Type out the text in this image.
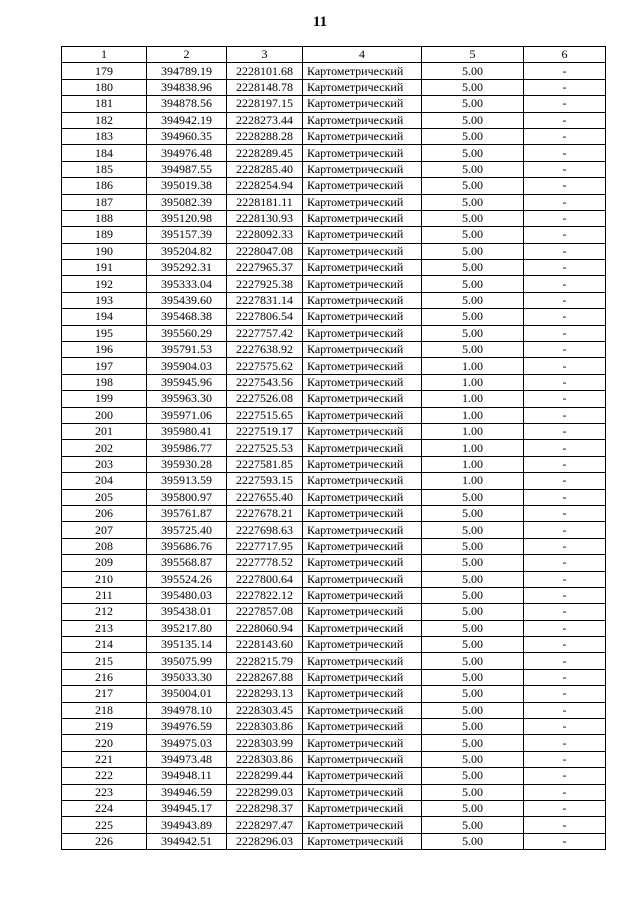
11
1	2	3	4	5	6
179	394789.19	2228101.68	Картометрический	5.00	-
180	394838.96	2228148.78	Картометрический	5.00	-
181	394878.56	2228197.15	Картометрический	5.00	-
182	394942.19	2228273.44	Картометрический	5.00	-
183	394960.35	2228288.28	Картометрический	5.00	-
184	394976.48	2228289.45	Картометрический	5.00	-
185	394987.55	2228285.40	Картометрический	5.00	-
186	395019.38	2228254.94	Картометрический	5.00	-
187	395082.39	2228181.11	Картометрический	5.00	-
188	395120.98	2228130.93	Картометрический	5.00	-
189	395157.39	2228092.33	Картометрический	5.00	-
190	395204.82	2228047.08	Картометрический	5.00	-
191	395292.31	2227965.37	Картометрический	5.00	-
192	395333.04	2227925.38	Картометрический	5.00	-
193	395439.60	2227831.14	Картометрический	5.00	-
194	395468.38	2227806.54	Картометрический	5.00	-
195	395560.29	2227757.42	Картометрический	5.00	-
196	395791.53	2227638.92	Картометрический	5.00	-
197	395904.03	2227575.62	Картометрический	1.00	-
198	395945.96	2227543.56	Картометрический	1.00	-
199	395963.30	2227526.08	Картометрический	1.00	-
200	395971.06	2227515.65	Картометрический	1.00	-
201	395980.41	2227519.17	Картометрический	1.00	-
202	395986.77	2227525.53	Картометрический	1.00	-
203	395930.28	2227581.85	Картометрический	1.00	-
204	395913.59	2227593.15	Картометрический	1.00	-
205	395800.97	2227655.40	Картометрический	5.00	-
206	395761.87	2227678.21	Картометрический	5.00	-
207	395725.40	2227698.63	Картометрический	5.00	-
208	395686.76	2227717.95	Картометрический	5.00	-
209	395568.87	2227778.52	Картометрический	5.00	-
210	395524.26	2227800.64	Картометрический	5.00	-
211	395480.03	2227822.12	Картометрический	5.00	-
212	395438.01	2227857.08	Картометрический	5.00	-
213	395217.80	2228060.94	Картометрический	5.00	-
214	395135.14	2228143.60	Картометрический	5.00	-
215	395075.99	2228215.79	Картометрический	5.00	-
216	395033.30	2228267.88	Картометрический	5.00	-
217	395004.01	2228293.13	Картометрический	5.00	-
218	394978.10	2228303.45	Картометрический	5.00	-
219	394976.59	2228303.86	Картометрический	5.00	-
220	394975.03	2228303.99	Картометрический	5.00	-
221	394973.48	2228303.86	Картометрический	5.00	-
222	394948.11	2228299.44	Картометрический	5.00	-
223	394946.59	2228299.03	Картометрический	5.00	-
224	394945.17	2228298.37	Картометрический	5.00	-
225	394943.89	2228297.47	Картометрический	5.00	-
226	394942.51	2228296.03	Картометрический	5.00	-
